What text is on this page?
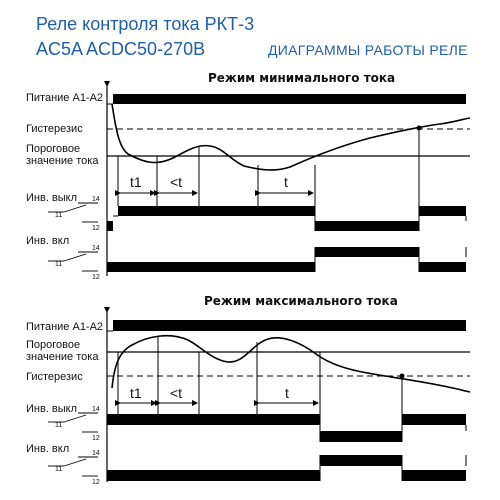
Реле контроля тока РКТ-3
AC5A ACDC50-270B	ДИАГРАММЫ РАБОТЫ РЕЛЕ
Режим минимального тока
Питание А1-А2
Гистерезис
Пороговое
значение тока
Инв. выкл
Инв. вкл
t1 <t	t
11
12
14
11
12
14
Режим максимального тока
Питание А1-А2
Пороговое
значение тока
Гистерезис
Инв. выкл
Инв. вкл
t1 <t	t
11
12
14
11
12
14
